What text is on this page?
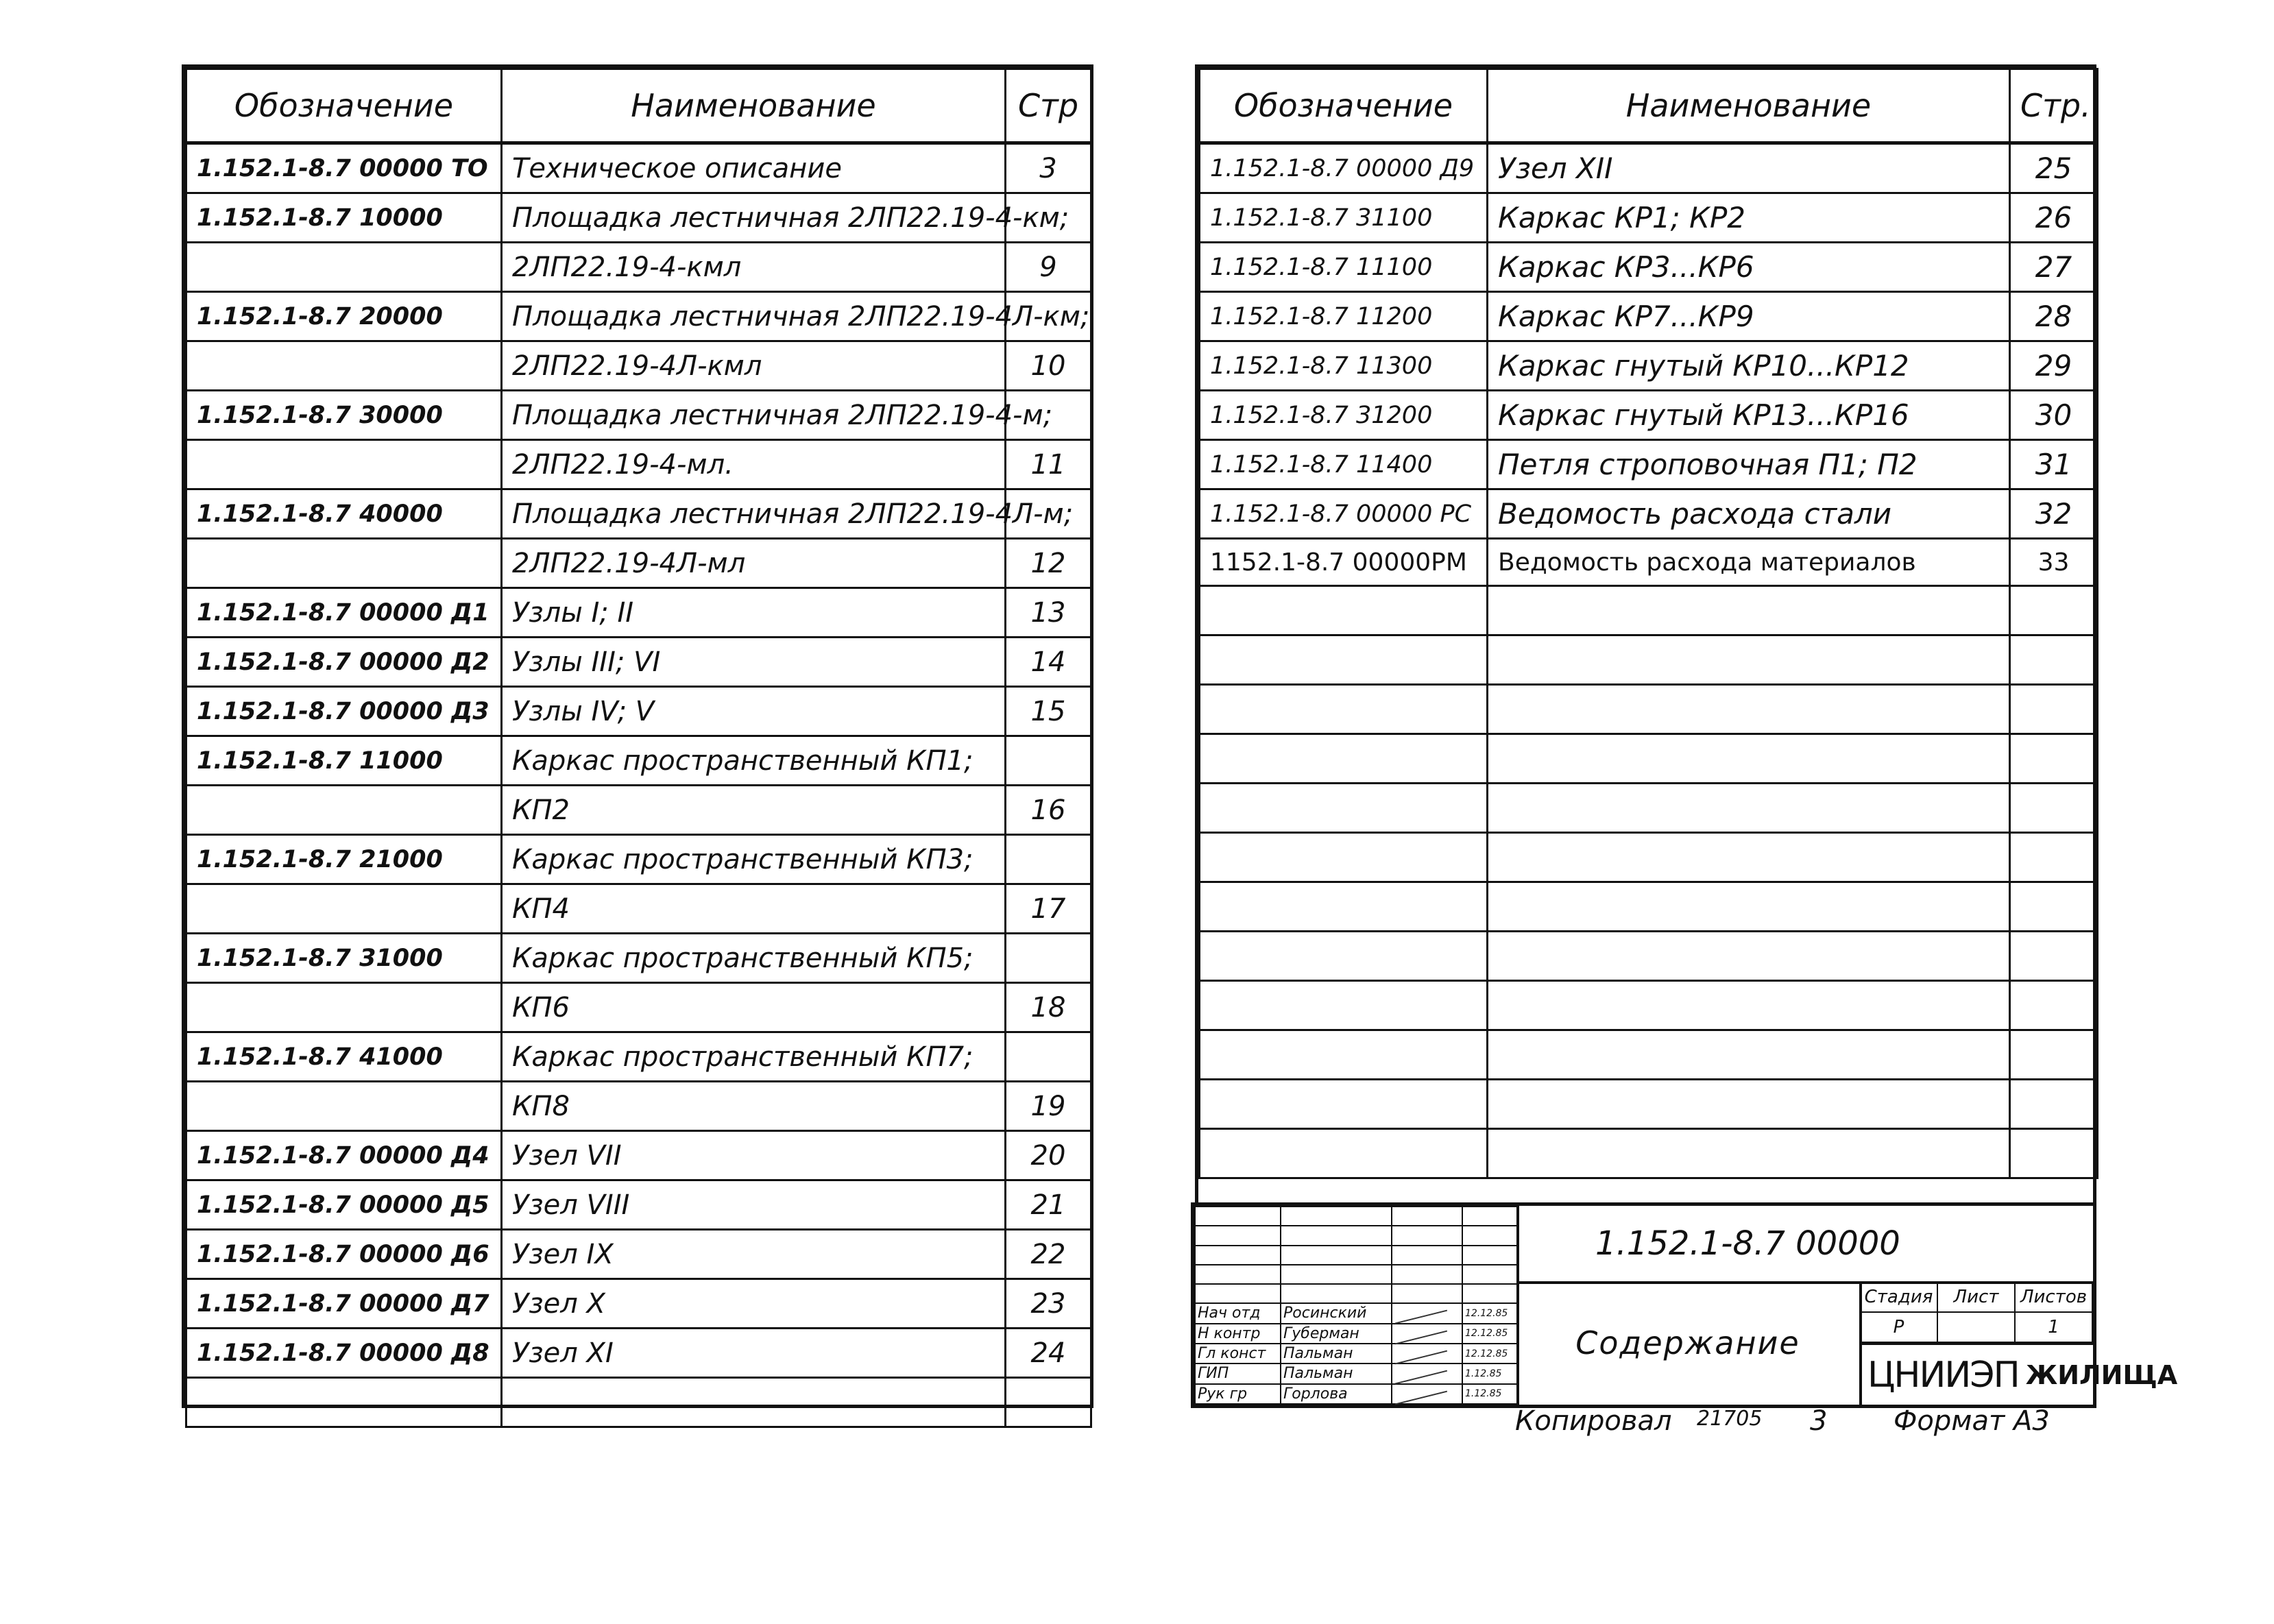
Обозначение	Наименование	Стр
1.152.1-8.7 00000 ТО	Техническое описание	3
1.152.1-8.7 10000	Площадка лестничная 2ЛП22.19-4-км;	
	2ЛП22.19-4-кмл	9
1.152.1-8.7 20000	Площадка лестничная 2ЛП22.19-4Л-км;	
	2ЛП22.19-4Л-кмл	10
1.152.1-8.7 30000	Площадка лестничная 2ЛП22.19-4-м;	
	2ЛП22.19-4-мл.	11
1.152.1-8.7 40000	Площадка лестничная 2ЛП22.19-4Л-м;	
	2ЛП22.19-4Л-мл	12
1.152.1-8.7 00000 Д1	Узлы I; II	13
1.152.1-8.7 00000 Д2	Узлы III; VI	14
1.152.1-8.7 00000 Д3	Узлы IV; V	15
1.152.1-8.7 11000	Каркас пространственный КП1;	
	КП2	16
1.152.1-8.7 21000	Каркас пространственный КП3;	
	КП4	17
1.152.1-8.7 31000	Каркас пространственный КП5;	
	КП6	18
1.152.1-8.7 41000	Каркас пространственный КП7;	
	КП8	19
1.152.1-8.7 00000 Д4	Узел VII	20
1.152.1-8.7 00000 Д5	Узел VIII	21
1.152.1-8.7 00000 Д6	Узел IX	22
1.152.1-8.7 00000 Д7	Узел X	23
1.152.1-8.7 00000 Д8	Узел XI	24

Обозначение	Наименование	Стр.
1.152.1-8.7 00000 Д9	Узел XII	25
1.152.1-8.7 31100	Каркас КР1; КР2	26
1.152.1-8.7 11100	Каркас КР3...КР6	27
1.152.1-8.7 11200	Каркас КР7...КР9	28
1.152.1-8.7 11300	Каркас гнутый КР10...КР12	29
1.152.1-8.7 31200	Каркас гнутый КР13...КР16	30
1.152.1-8.7 11400	Петля строповочная П1; П2	31
1.152.1-8.7 00000 РС	Ведомость расхода стали	32
1152.1-8.7 00000РМ	Ведомость расхода материалов	33

Нач отд	Росинский		12.12.85
Н контр	Губерман		12.12.85
Гл конст	Пальман		12.12.85
ГИП	Пальман		1.12.85
Рук гр	Горлова		1.12.85
1.152.1-8.7 00000
Содержание
Стадия	Лист	Листов
Р		1
ЦНИИЭП ЖИЛИЩА
Копировал 21705 3 Формат А3
